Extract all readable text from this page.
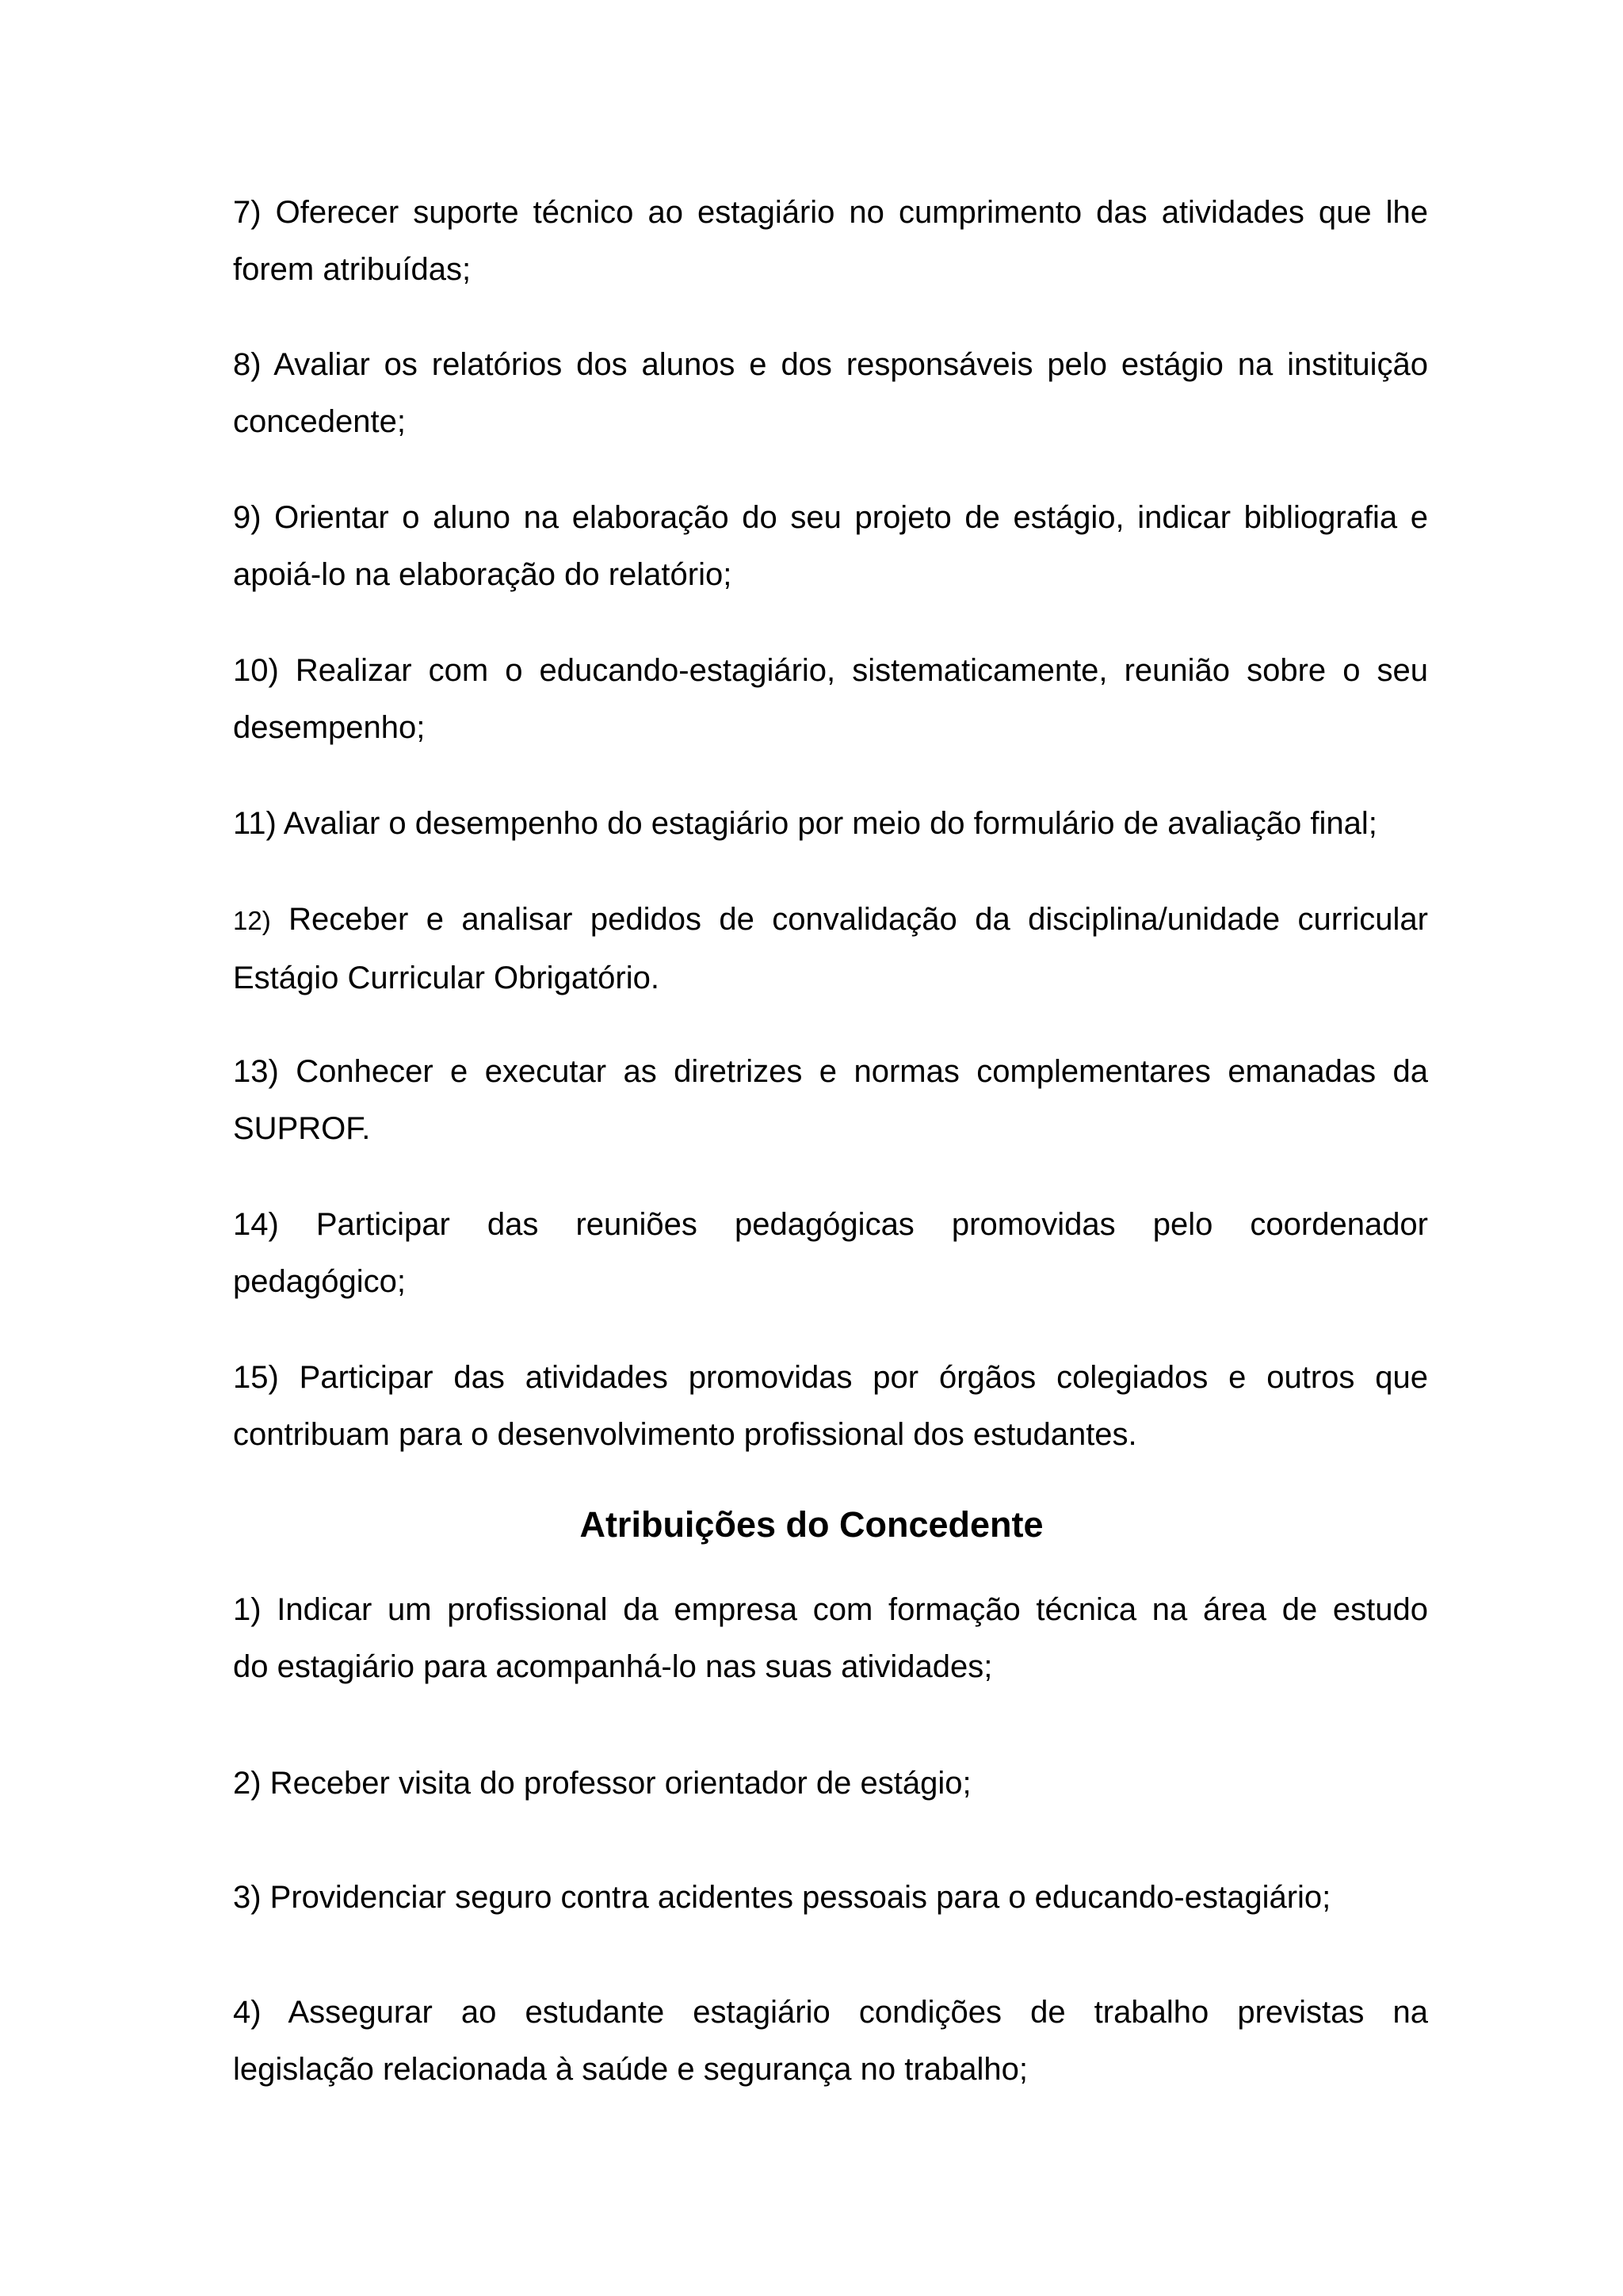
7) Oferecer suporte técnico ao estagiário no cumprimento das atividades que lhe
forem atribuídas;

8) Avaliar os relatórios dos alunos e dos responsáveis pelo estágio na instituição
concedente;

9) Orientar o aluno na elaboração do seu projeto de estágio, indicar bibliografia e
apoiá-lo na elaboração do relatório;

10) Realizar com o educando-estagiário, sistematicamente, reunião sobre o seu
desempenho;

11) Avaliar o desempenho do estagiário por meio do formulário de avaliação final;

12) Receber e analisar pedidos de convalidação da disciplina/unidade curricular
Estágio Curricular Obrigatório.

13) Conhecer e executar as diretrizes e normas complementares emanadas da
SUPROF.

14) Participar das reuniões pedagógicas promovidas pelo coordenador
pedagógico;

15) Participar das atividades promovidas por órgãos colegiados e outros que
contribuam para o desenvolvimento profissional dos estudantes.

Atribuições do Concedente

1) Indicar um profissional da empresa com formação técnica na área de estudo
do estagiário para acompanhá-lo nas suas atividades;

2) Receber visita do professor orientador de estágio;

3) Providenciar seguro contra acidentes pessoais para o educando-estagiário;

4) Assegurar ao estudante estagiário condições de trabalho previstas na
legislação relacionada à saúde e segurança no trabalho;
